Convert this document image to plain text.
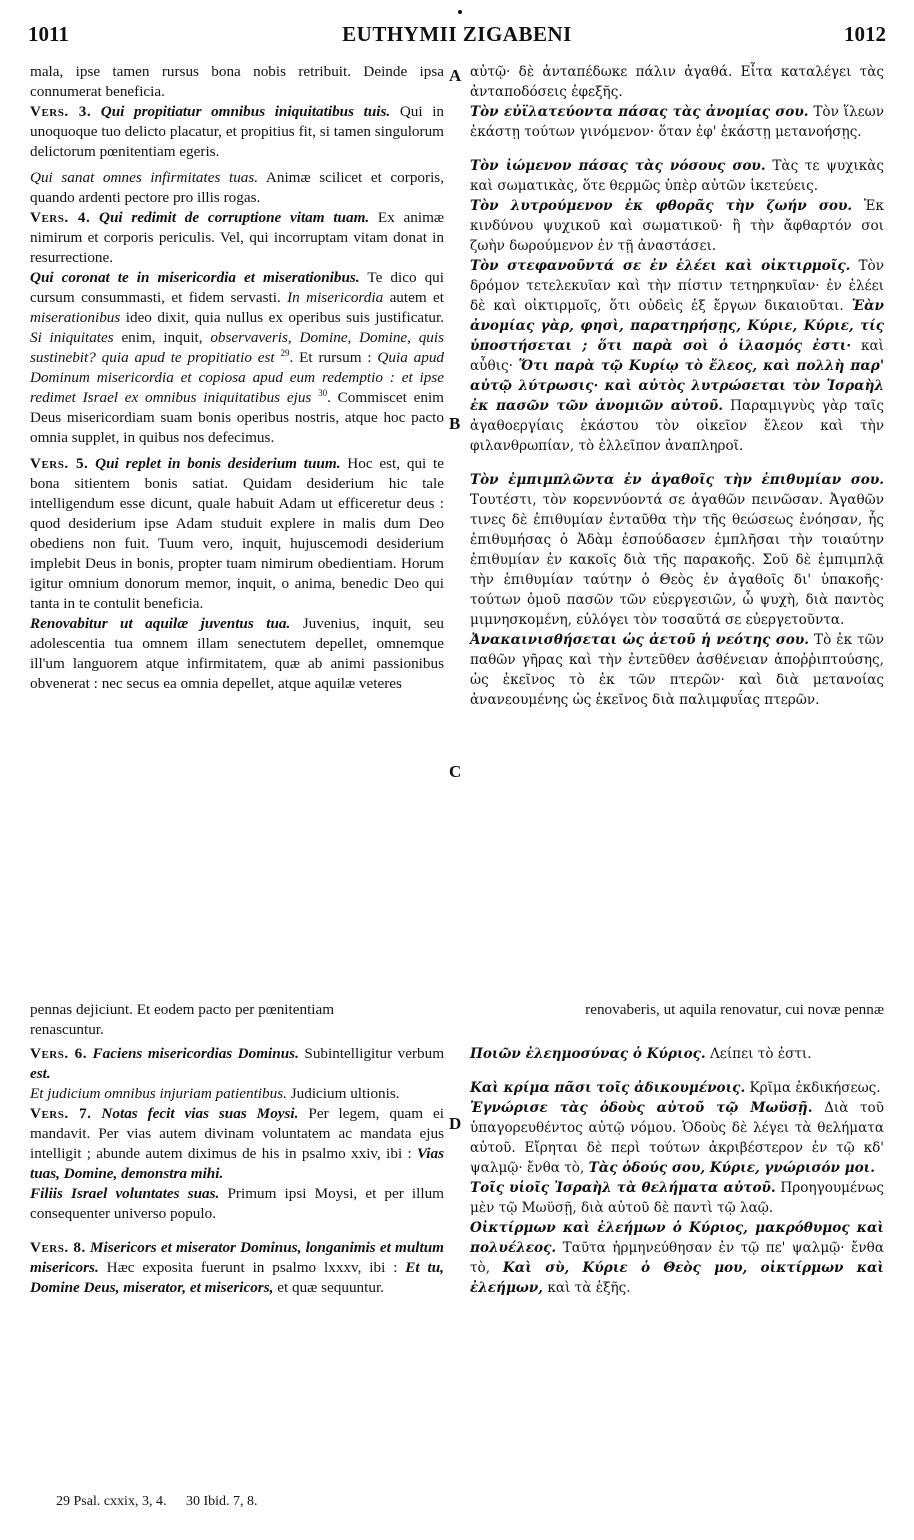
1011	EUTHYMII ZIGABENI	1012
A
B
C
D

mala, ipse tamen rursus bona nobis retribuit. Deinde ipsa connumerat beneficia.

Vers. 3. Qui propitiatur omnibus iniquitatibus tuis. Qui in unoquoque tuo delicto placatur, et propitius fit, si tamen singulorum delictorum pœnitentiam egeris.

Qui sanat omnes infirmitates tuas. Animæ scilicet et corporis, quando ardenti pectore pro illis rogas.

Vers. 4. Qui redimit de corruptione vitam tuam. Ex animæ nimirum et corporis periculis. Vel, qui incorruptam vitam donat in resurrectione.

Qui coronat te in misericordia et miserationibus. Te dico qui cursum consummasti, et fidem servasti. In misericordia autem et miserationibus ideo dixit, quia nullus ex operibus suis justificatur. Si iniquitates enim, inquit, observaveris, Domine, Domine, quis sustinebit? quia apud te propitiatio est $^{29}$. Et rursum : Quia apud Dominum misericordia et copiosa apud eum redemptio : et ipse redimet Israel ex omnibus iniquitatibus ejus $^{30}$. Commiscet enim Deus misericordiam suam bonis operibus nostris, atque hoc pacto omnia supplet, in quibus nos defecimus.

Vers. 5. Qui replet in bonis desiderium tuum. Hoc est, qui te bona sitientem bonis satiat. Quidam desiderium hic tale intelligendum esse dicunt, quale habuit Adam ut efficeretur deus : quod desiderium ipse Adam studuit explere in malis dum Deo obediens non fuit. Tuum vero, inquit, hujuscemodi desiderium implebit Deus in bonis, propter tuam nimirum obedientiam. Horum igitur omnium donorum memor, inquit, o anima, benedic Deo qui tanta in te contulit beneficia.

Renovabitur ut aquilæ juventus tua. Juvenius, inquit, seu adolescentia tua omnem illam senectutem depellet, omnemque ill'um languorem atque infirmitatem, quæ ab animi passionibus obvenerat : nec secus ea omnia depellet, atque aquilæ veteres

αὐτῷ· δὲ ἀνταπέδωκε πάλιν ἀγαθά. Εἶτα καταλέγει τὰς ἀνταποδόσεις ἐφεξῆς.

Τὸν εὐϊλατεύοντα πάσας τὰς ἀνομίας σου. Τὸν ἵλεων ἑκάστῃ τούτων γινόμενον· ὅταν ἐφ' ἑκάστῃ μετανοήσῃς.

Τὸν ἰώμενον πάσας τὰς νόσους σου. Τὰς τε ψυχικὰς καὶ σωματικὰς, ὅτε θερμῶς ὑπὲρ αὐτῶν ἱκετεύεις.

Τὸν λυτρούμενον ἐκ φθορᾶς τὴν ζωήν σου. Ἐκ κινδύνου ψυχικοῦ καὶ σωματικοῦ· ἢ τὴν ἄφθαρτόν σοι ζωὴν δωρούμενον ἐν τῇ ἀναστάσει.

Τὸν στεφανοῦντά σε ἐν ἐλέει καὶ οἰκτιρμοῖς. Τὸν δρόμον τετελεκυῖαν καὶ τὴν πίστιν τετηρηκυῖαν· ἐν ἐλέει δὲ καὶ οἰκτιρμοῖς, ὅτι οὐδεὶς ἐξ ἔργων δικαιοῦται. Ἐὰν ἀνομίας γὰρ, φησὶ, παρατηρήσῃς, Κύριε, Κύριε, τίς ὑποστήσεται ; ὅτι παρὰ σοὶ ὁ ἱλασμός ἐστι· καὶ αὖθις· Ὅτι παρὰ τῷ Κυρίῳ τὸ ἔλεος, καὶ πολλὴ παρ' αὐτῷ λύτρωσις· καὶ αὐτὸς λυτρώσεται τὸν Ἰσραὴλ ἐκ πασῶν τῶν ἀνομιῶν αὐτοῦ. Παραμιγνὺς γὰρ ταῖς ἀγαθοεργίαις ἑκάστου τὸν οἰκεῖον ἔλεον καὶ τὴν φιλανθρωπίαν, τὸ ἐλλεῖπον ἀναπληροῖ.

Τὸν ἐμπιμπλῶντα ἐν ἀγαθοῖς τὴν ἐπιθυμίαν σου. Τουτέστι, τὸν κορεννύοντά σε ἀγαθῶν πεινῶσαν. Ἀγαθῶν τινες δὲ ἐπιθυμίαν ἐνταῦθα τὴν τῆς θεώσεως ἐνόησαν, ἧς ἐπιθυμήσας ὁ Ἀδὰμ ἐσπούδασεν ἐμπλῆσαι τὴν τοιαύτην ἐπιθυμίαν ἐν κακοῖς διὰ τῆς παρακοῆς. Σοῦ δὲ ἐμπιμπλᾷ τὴν ἐπιθυμίαν ταύτην ὁ Θεὸς ἐν ἀγαθοῖς δι' ὑπακοῆς· τούτων ὁμοῦ πασῶν τῶν εὐεργεσιῶν, ὦ ψυχὴ, διὰ παντὸς μιμνησκομένη, εὐλόγει τὸν τοσαῦτά σε εὐεργετοῦντα.

Ἀνακαινισθήσεται ὡς ἀετοῦ ἡ νεότης σου. Τὸ ἐκ τῶν παθῶν γῆρας καὶ τὴν ἐντεῦθεν ἀσθένειαν ἀποῤῥιπτούσης, ὡς ἐκεῖνος τὸ ἐκ τῶν πτερῶν· καὶ διὰ μετανοίας ἀνανεουμένης ὡς ἐκεῖνος διὰ παλιμφυΐας πτερῶν.

pennas dejiciunt. Et eodem pacto per pœnitentiam	renovaberis, ut aquila renovatur, cui novæ pennæ
renascuntur.

Vers. 6. Faciens misericordias Dominus. Subintelligitur verbum est.

Et judicium omnibus injuriam patientibus. Judicium ultionis.

Vers. 7. Notas fecit vias suas Moysi. Per legem, quam ei mandavit. Per vias autem divinam voluntatem ac mandata ejus intelligit ; abunde autem diximus de his in psalmo xxiv, ibi : Vias tuas, Domine, demonstra mihi.

Filiis Israel voluntates suas. Primum ipsi Moysi, et per illum consequenter universo populo.

Vers. 8. Misericors et miserator Dominus, longanimis et multum misericors. Hæc exposita fuerunt in psalmo lxxxv, ibi : Et tu, Domine Deus, miserator, et misericors, et quæ sequuntur.

Ποιῶν ἐλεημοσύνας ὁ Κύριος. Λείπει τὸ ἐστι.

Καὶ κρίμα πᾶσι τοῖς ἀδικουμένοις. Κρῖμα ἐκδικήσεως.

Ἐγνώρισε τὰς ὁδοὺς αὐτοῦ τῷ Μωϋσῇ. Διὰ τοῦ ὑπαγορευθέντος αὐτῷ νόμου. Ὁδοὺς δὲ λέγει τὰ θελήματα αὐτοῦ. Εἴρηται δὲ περὶ τούτων ἀκριβέστερον ἐν τῷ κδ' ψαλμῷ· ἔνθα τὸ, Τὰς ὁδούς σου, Κύριε, γνώρισόν μοι.

Τοῖς υἱοῖς Ἰσραὴλ τὰ θελήματα αὐτοῦ. Προηγουμένως μὲν τῷ Μωϋσῇ, διὰ αὐτοῦ δὲ παντὶ τῷ λαῷ.

Οἰκτίρμων καὶ ἐλεήμων ὁ Κύριος, μακρόθυμος καὶ πολυέλεος. Ταῦτα ἡρμηνεύθησαν ἐν τῷ πε' ψαλμῷ· ἔνθα τὸ, Καὶ σὺ, Κύριε ὁ Θεὸς μου, οἰκτίρμων καὶ ἐλεήμων, καὶ τὰ ἑξῆς.

29 Psal. cxxix, 3, 4. 30 Ibid. 7, 8.
